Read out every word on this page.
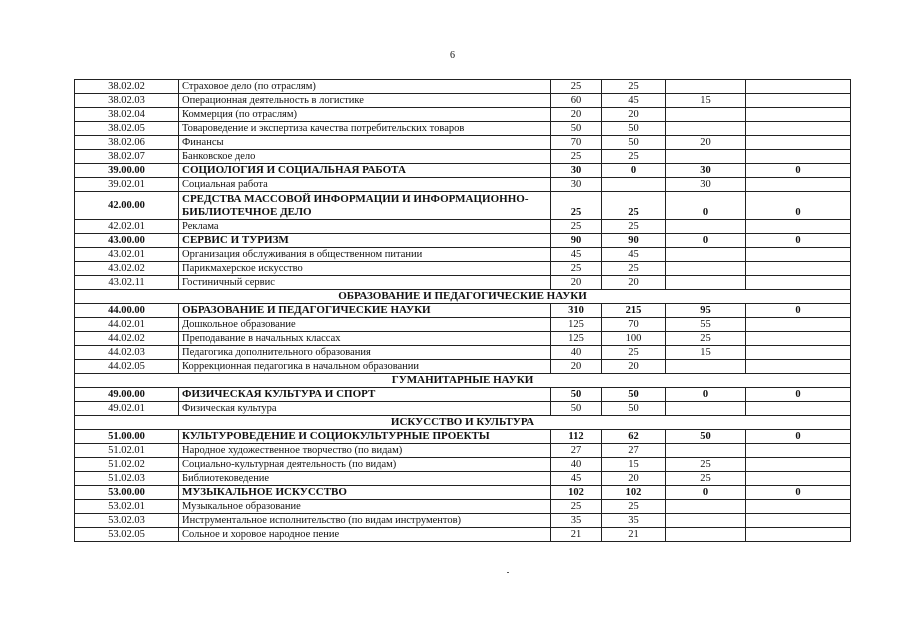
6
38.02.02	Страховое дело (по отраслям)	25	25		
38.02.03	Операционная деятельность в логистике	60	45	15	
38.02.04	Коммерция (по отраслям)	20	20		
38.02.05	Товароведение и экспертиза качества потребительских товаров	50	50		
38.02.06	Финансы	70	50	20	
38.02.07	Банковское дело	25	25		
39.00.00	СОЦИОЛОГИЯ И СОЦИАЛЬНАЯ РАБОТА	30	0	30	0
39.02.01	Социальная работа	30		30	
42.00.00	СРЕДСТВА МАССОВОЙ ИНФОРМАЦИИ И ИНФОРМАЦИОННО-БИБЛИОТЕЧНОЕ ДЕЛО	25	25	0	0
42.02.01	Реклама	25	25		
43.00.00	СЕРВИС И ТУРИЗМ	90	90	0	0
43.02.01	Организация обслуживания в общественном питании	45	45		
43.02.02	Парикмахерское искусство	25	25		
43.02.11	Гостиничный сервис	20	20		
ОБРАЗОВАНИЕ И ПЕДАГОГИЧЕСКИЕ НАУКИ					
44.00.00	ОБРАЗОВАНИЕ И ПЕДАГОГИЧЕСКИЕ НАУКИ	310	215	95	0
44.02.01	Дошкольное образование	125	70	55	
44.02.02	Преподавание в начальных классах	125	100	25	
44.02.03	Педагогика дополнительного образования	40	25	15	
44.02.05	Коррекционная педагогика в начальном образовании	20	20		
ГУМАНИТАРНЫЕ НАУКИ					
49.00.00	ФИЗИЧЕСКАЯ КУЛЬТУРА И СПОРТ	50	50	0	0
49.02.01	Физическая культура	50	50		
ИСКУССТВО И КУЛЬТУРА					
51.00.00	КУЛЬТУРОВЕДЕНИЕ И СОЦИОКУЛЬТУРНЫЕ ПРОЕКТЫ	112	62	50	0
51.02.01	Народное художественное творчество (по видам)	27	27		
51.02.02	Социально-культурная деятельность (по видам)	40	15	25	
51.02.03	Библиотековедение	45	20	25	
53.00.00	МУЗЫКАЛЬНОЕ ИСКУССТВО	102	102	0	0
53.02.01	Музыкальное образование	25	25		
53.02.03	Инструментальное исполнительство (по видам инструментов)	35	35		
53.02.05	Сольное и хоровое народное пение	21	21		
